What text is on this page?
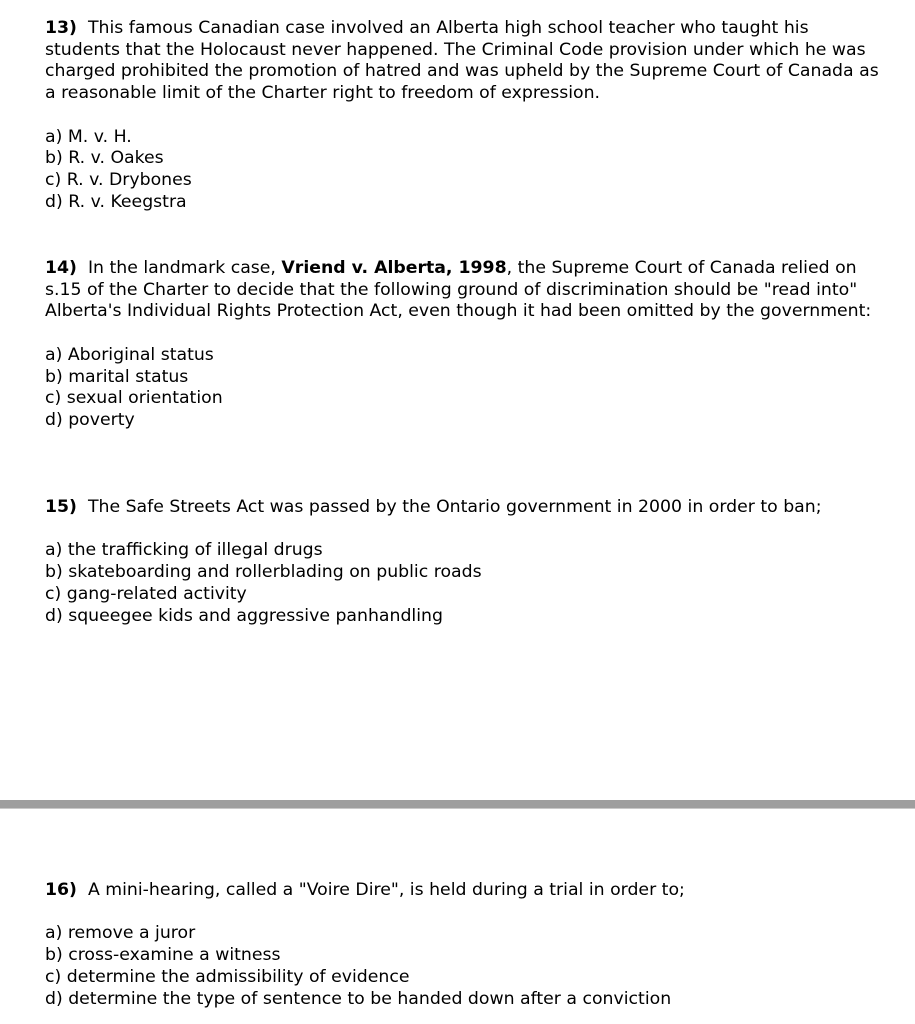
13) This famous Canadian case involved an Alberta high school teacher who taught his students that the Holocaust never happened. The Criminal Code provision under which he was charged prohibited the promotion of hatred and was upheld by the Supreme Court of Canada as a reasonable limit of the Charter right to freedom of expression.

a) M. v. H.
b) R. v. Oakes
c) R. v. Drybones
d) R. v. Keegstra

14) In the landmark case, Vriend v. Alberta, 1998, the Supreme Court of Canada relied on s.15 of the Charter to decide that the following ground of discrimination should be "read into" Alberta's Individual Rights Protection Act, even though it had been omitted by the government:

a) Aboriginal status
b) marital status
c) sexual orientation
d) poverty

15) The Safe Streets Act was passed by the Ontario government in 2000 in order to ban;

a) the trafficking of illegal drugs
b) skateboarding and rollerblading on public roads
c) gang-related activity
d) squeegee kids and aggressive panhandling

16) A mini-hearing, called a "Voire Dire", is held during a trial in order to;

a) remove a juror
b) cross-examine a witness
c) determine the admissibility of evidence
d) determine the type of sentence to be handed down after a conviction
